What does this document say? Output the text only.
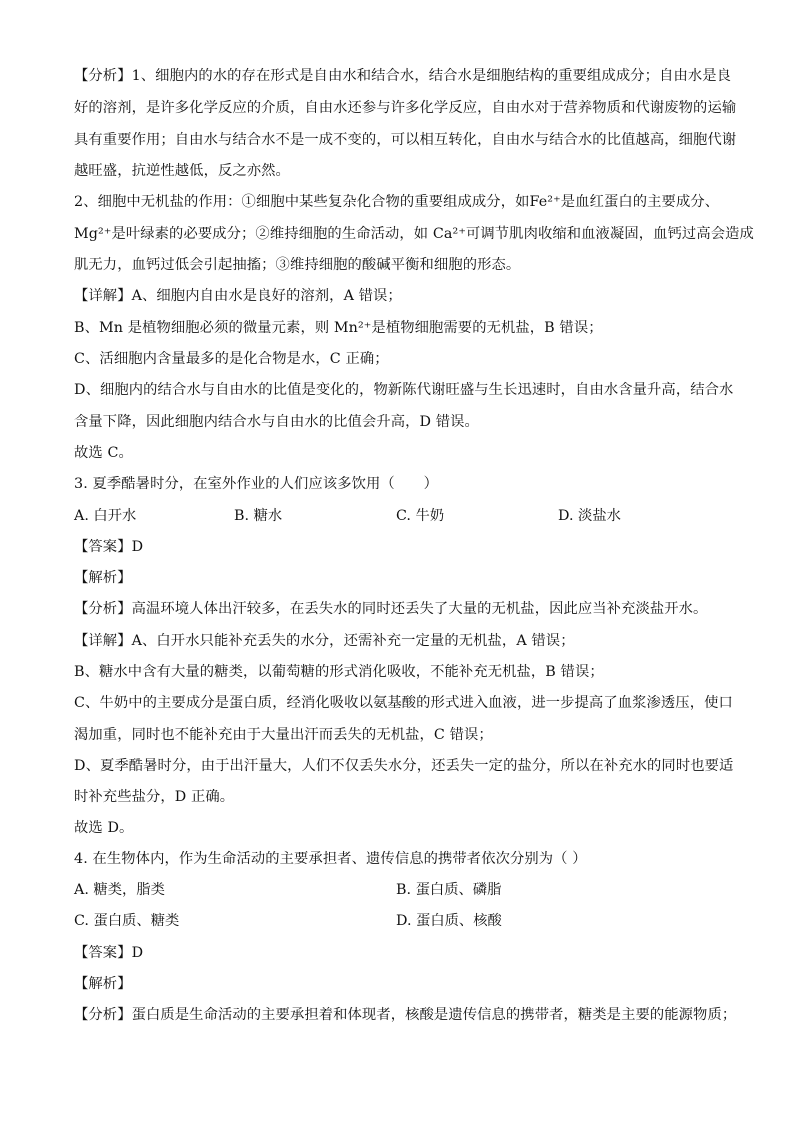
【分析】1、细胞内的水的存在形式是自由水和结合水，结合水是细胞结构的重要组成成分；自由水是良
好的溶剂，是许多化学反应的介质，自由水还参与许多化学反应，自由水对于营养物质和代谢废物的运输
具有重要作用；自由水与结合水不是一成不变的，可以相互转化，自由水与结合水的比值越高，细胞代谢
越旺盛，抗逆性越低，反之亦然。
2、细胞中无机盐的作用：①细胞中某些复杂化合物的重要组成成分，如Fe²⁺是血红蛋白的主要成分、
Mg²⁺是叶绿素的必要成分；②维持细胞的生命活动，如 Ca²⁺可调节肌肉收缩和血液凝固，血钙过高会造成
肌无力，血钙过低会引起抽搐；③维持细胞的酸碱平衡和细胞的形态。
【详解】A、细胞内自由水是良好的溶剂，A 错误；
B、Mn 是植物细胞必须的微量元素，则 Mn²⁺是植物细胞需要的无机盐，B 错误；
C、活细胞内含量最多的是化合物是水，C 正确；
D、细胞内的结合水与自由水的比值是变化的，物新陈代谢旺盛与生长迅速时，自由水含量升高，结合水
含量下降，因此细胞内结合水与自由水的比值会升高，D 错误。
故选 C。
3. 夏季酷暑时分，在室外作业的人们应该多饮用（　　）
A. 白开水	B. 糖水	C. 牛奶	D. 淡盐水
【答案】D
【解析】
【分析】高温环境人体出汗较多，在丢失水的同时还丢失了大量的无机盐，因此应当补充淡盐开水。
【详解】A、白开水只能补充丢失的水分，还需补充一定量的无机盐，A 错误；
B、糖水中含有大量的糖类，以葡萄糖的形式消化吸收，不能补充无机盐，B 错误；
C、牛奶中的主要成分是蛋白质，经消化吸收以氨基酸的形式进入血液，进一步提高了血浆渗透压，使口
渴加重，同时也不能补充由于大量出汗而丢失的无机盐，C 错误；
D、夏季酷暑时分，由于出汗量大，人们不仅丢失水分，还丢失一定的盐分，所以在补充水的同时也要适
时补充些盐分，D 正确。
故选 D。
4. 在生物体内，作为生命活动的主要承担者、遗传信息的携带者依次分别为（ ）
A. 糖类，脂类	B. 蛋白质、磷脂
C. 蛋白质、糖类	D. 蛋白质、核酸
【答案】D
【解析】
【分析】蛋白质是生命活动的主要承担着和体现者，核酸是遗传信息的携带者，糖类是主要的能源物质；
